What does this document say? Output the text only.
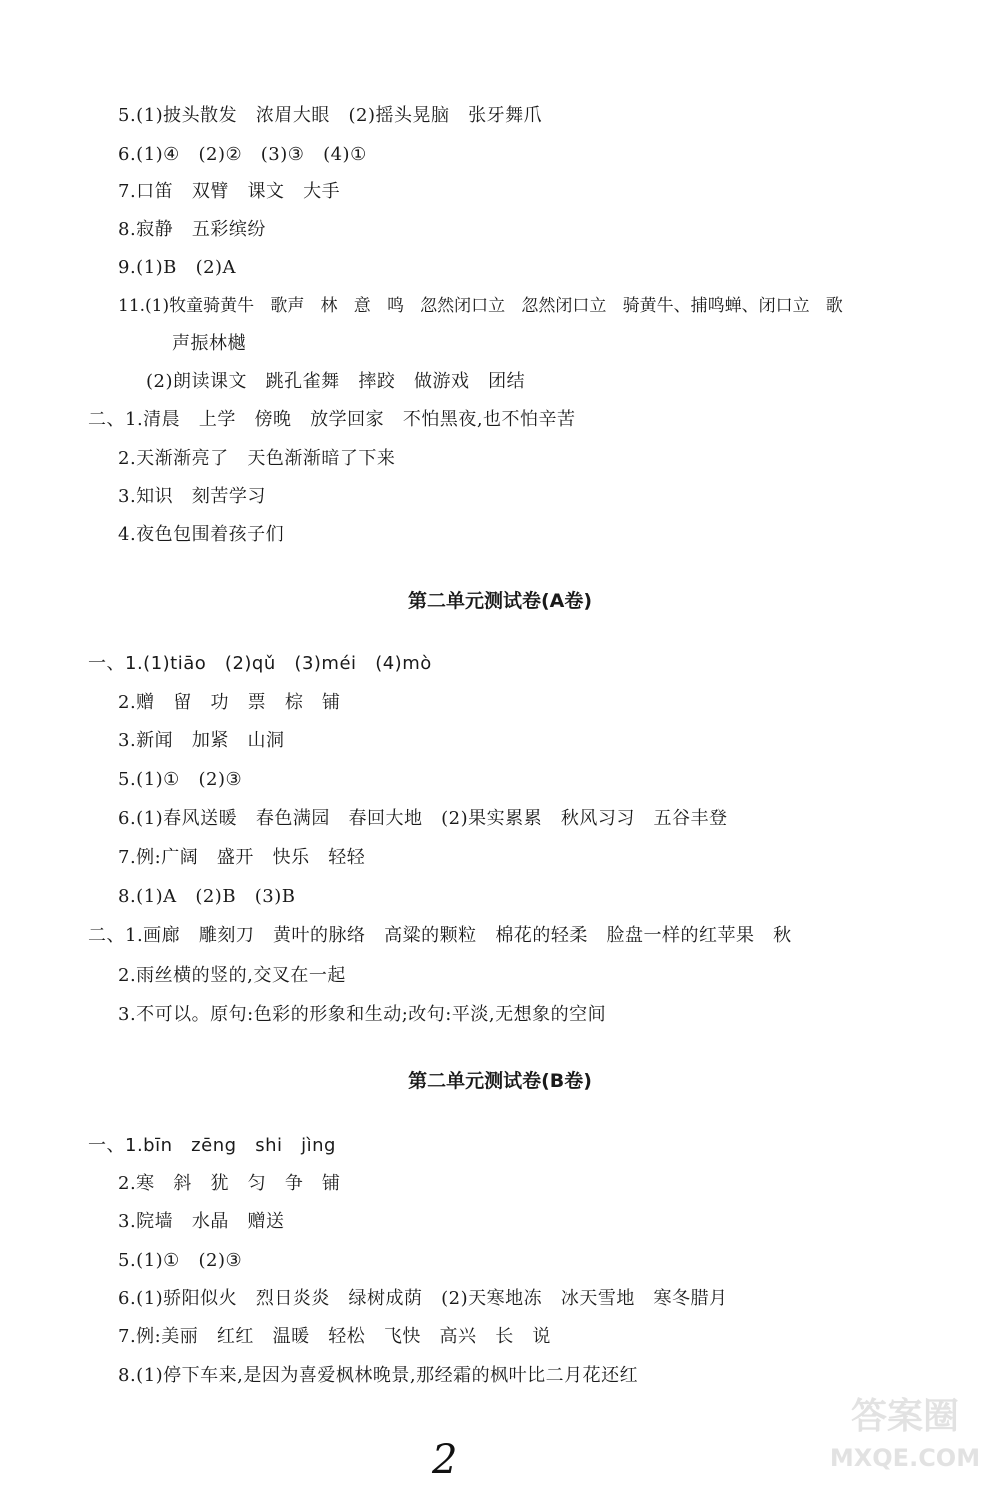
5.(1)披头散发   浓眉大眼   (2)摇头晃脑   张牙舞爪
6.(1)④   (2)②   (3)③   (4)①
7.口笛   双臂   课文   大手
8.寂静   五彩缤纷
9.(1)B   (2)A
11.(1)牧童骑黄牛   歌声   林   意   鸣   忽然闭口立   忽然闭口立   骑黄牛、捕鸣蝉、闭口立   歌
声振林樾
(2)朗读课文   跳孔雀舞   摔跤   做游戏   团结
二、1.清晨   上学   傍晚   放学回家   不怕黑夜,也不怕辛苦
2.天渐渐亮了   天色渐渐暗了下来
3.知识   刻苦学习
4.夜色包围着孩子们
第二单元测试卷(A卷)
一、1.(1)tiāo   (2)qǔ   (3)méi   (4)mò
2.赠   留   功   票   棕   铺
3.新闻   加紧   山洞
5.(1)①   (2)③
6.(1)春风送暖   春色满园   春回大地   (2)果实累累   秋风习习   五谷丰登
7.例:广阔   盛开   快乐   轻轻
8.(1)A   (2)B   (3)B
二、1.画廊   雕刻刀   黄叶的脉络   高粱的颗粒   棉花的轻柔   脸盘一样的红苹果   秋
2.雨丝横的竖的,交叉在一起
3.不可以。原句:色彩的形象和生动;改句:平淡,无想象的空间
第二单元测试卷(B卷)
一、1.bīn   zēng   shi   jìng
2.寒   斜   犹   匀   争   铺
3.院墙   水晶   赠送
5.(1)①   (2)③
6.(1)骄阳似火   烈日炎炎   绿树成荫   (2)天寒地冻   冰天雪地   寒冬腊月
7.例:美丽   红红   温暖   轻松   飞快   高兴   长   说
8.(1)停下车来,是因为喜爱枫林晚景,那经霜的枫叶比二月花还红
2
答案圈
MXQE.COM
